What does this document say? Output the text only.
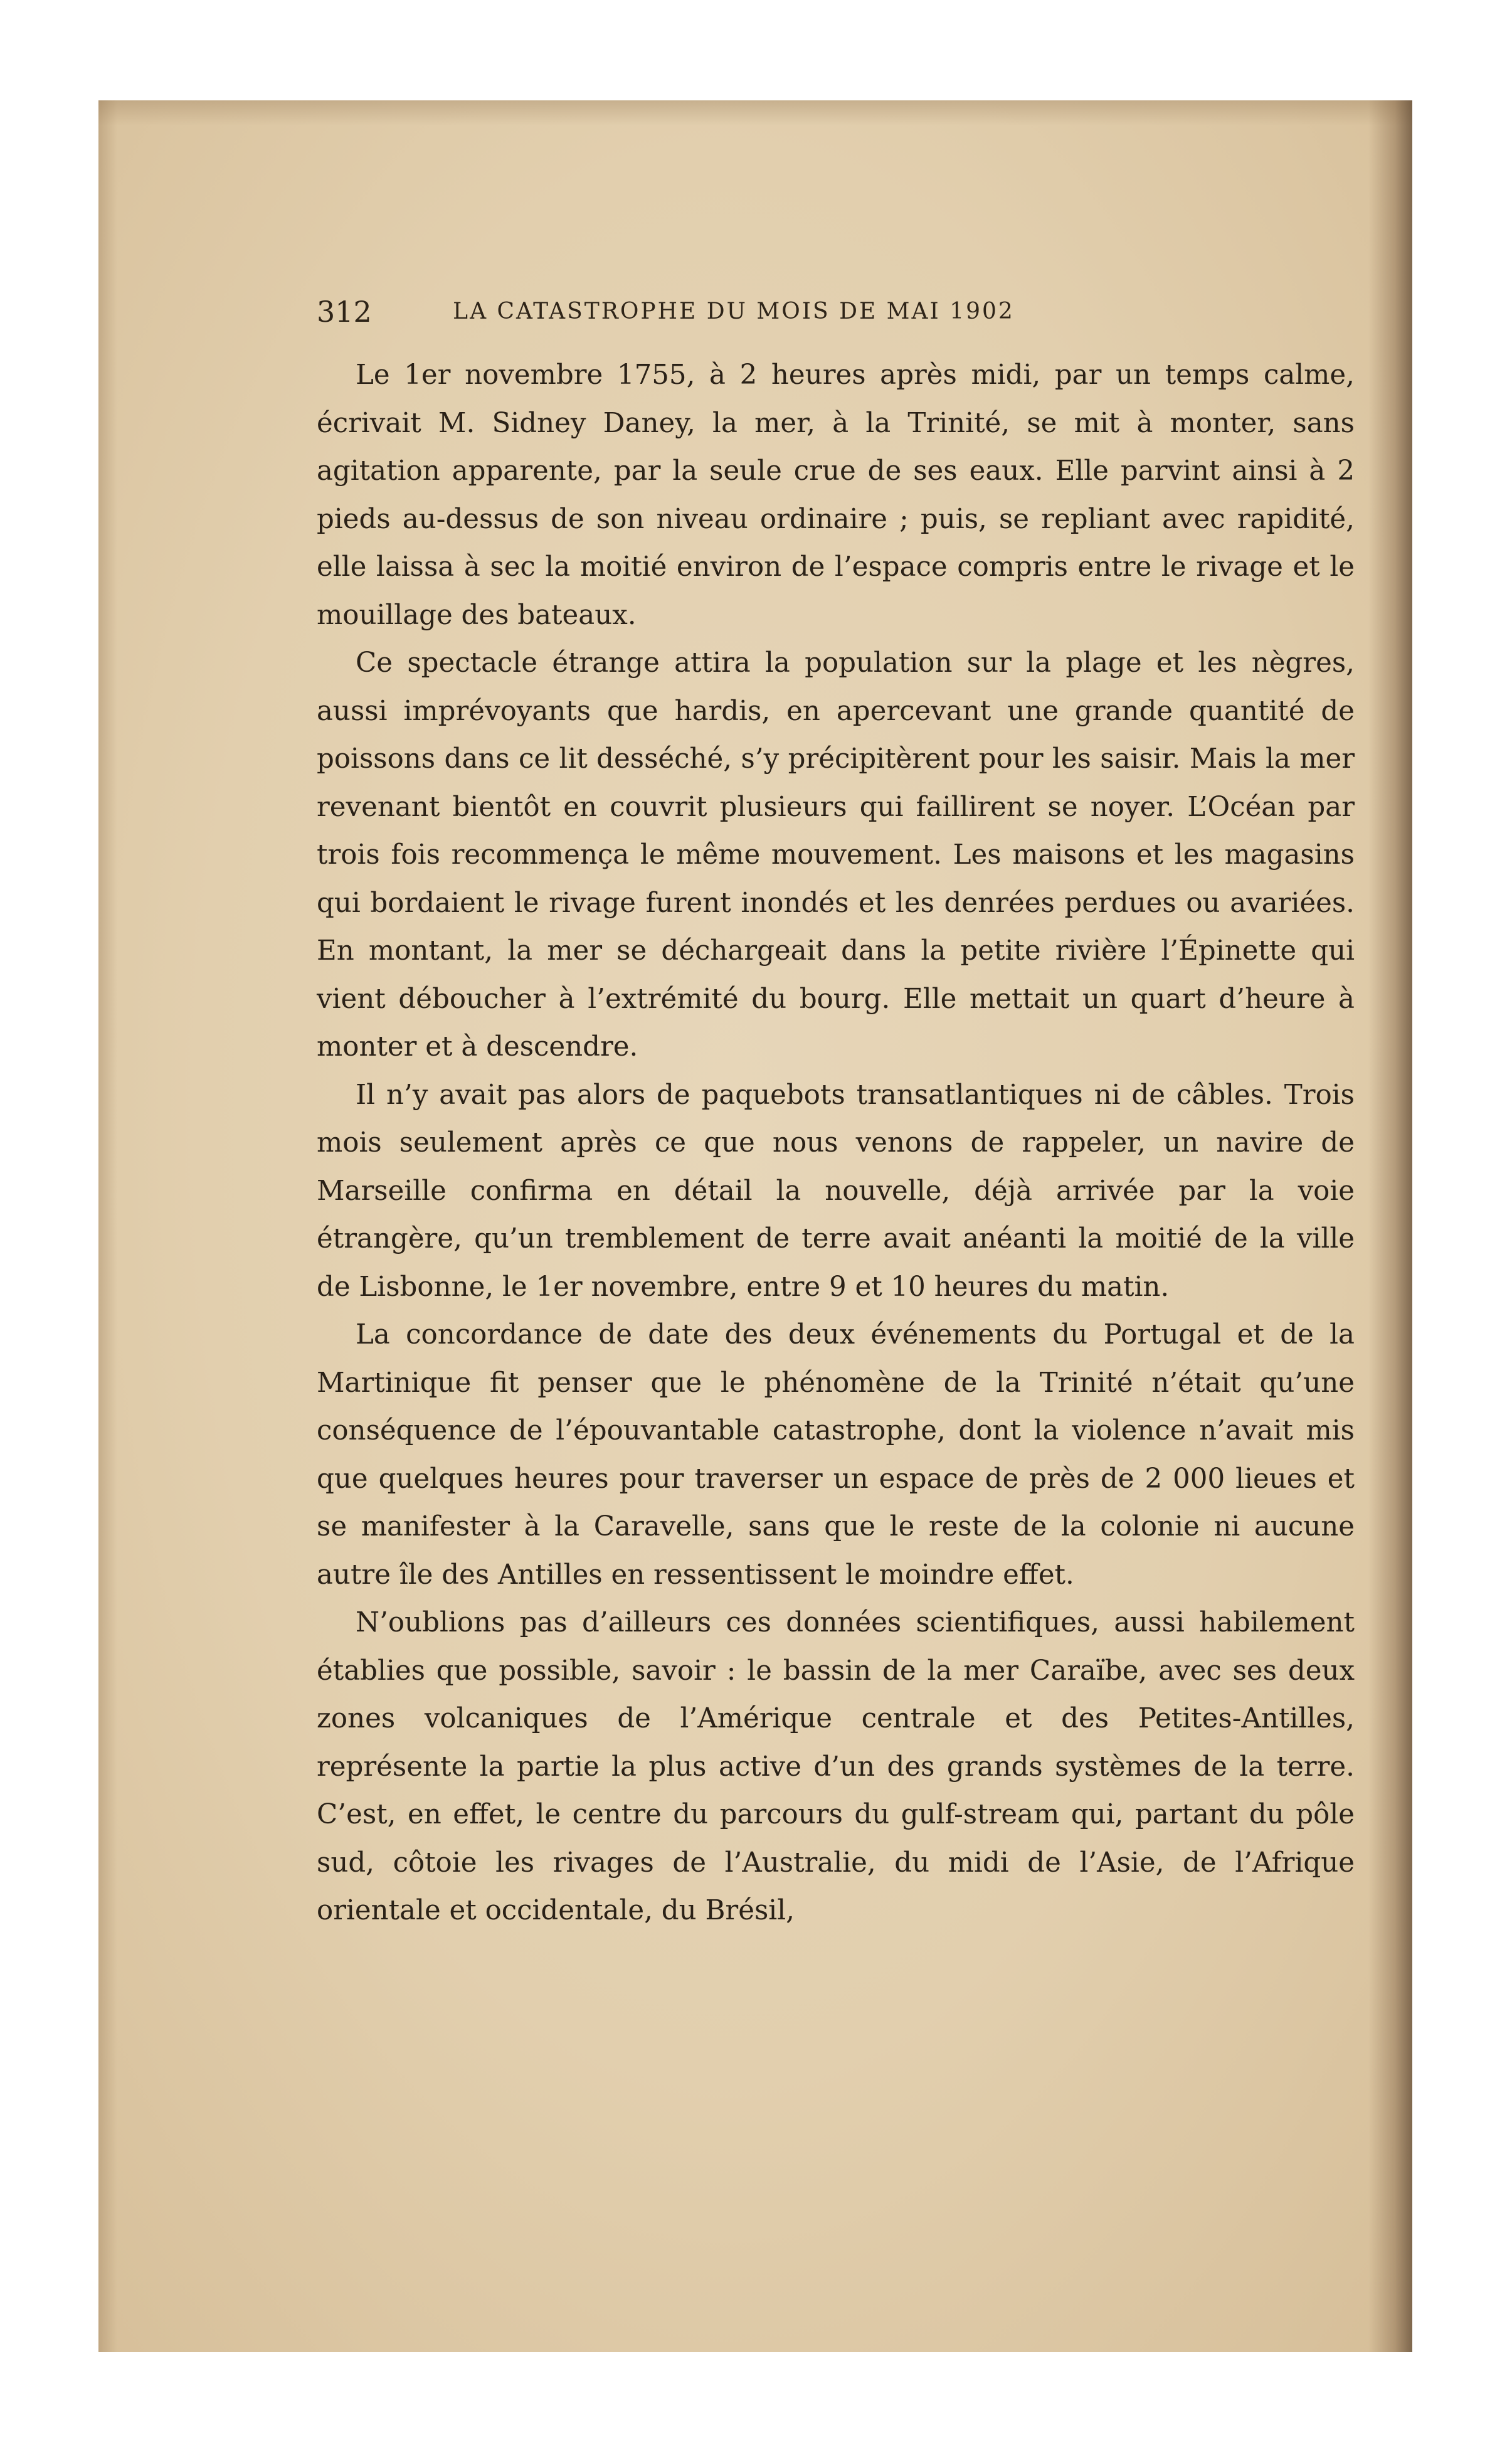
312	LA CATASTROPHE DU MOIS DE MAI 1902

Le 1er novembre 1755, à 2 heures après midi, par un temps calme, écrivait M. Sidney Daney, la mer, à la Trinité, se mit à monter, sans agitation apparente, par la seule crue de ses eaux. Elle parvint ainsi à 2 pieds au-dessus de son niveau ordinaire ; puis, se repliant avec rapidité, elle laissa à sec la moitié environ de l’espace compris entre le rivage et le mouillage des bateaux.

Ce spectacle étrange attira la population sur la plage et les nègres, aussi imprévoyants que hardis, en apercevant une grande quantité de poissons dans ce lit desséché, s’y précipitèrent pour les saisir. Mais la mer revenant bientôt en couvrit plusieurs qui faillirent se noyer. L’Océan par trois fois recommença le même mouvement. Les maisons et les magasins qui bordaient le rivage furent inondés et les denrées perdues ou avariées. En montant, la mer se déchargeait dans la petite rivière l’Épinette qui vient déboucher à l’extrémité du bourg. Elle mettait un quart d’heure à monter et à descendre.

Il n’y avait pas alors de paquebots transatlantiques ni de câbles. Trois mois seulement après ce que nous venons de rappeler, un navire de Marseille confirma en détail la nouvelle, déjà arrivée par la voie étrangère, qu’un tremblement de terre avait anéanti la moitié de la ville de Lisbonne, le 1er novembre, entre 9 et 10 heures du matin.

La concordance de date des deux événements du Portugal et de la Martinique fit penser que le phénomène de la Trinité n’était qu’une conséquence de l’épouvantable catastrophe, dont la violence n’avait mis que quelques heures pour traverser un espace de près de 2 000 lieues et se manifester à la Caravelle, sans que le reste de la colonie ni aucune autre île des Antilles en ressentissent le moindre effet.

N’oublions pas d’ailleurs ces données scientifiques, aussi habilement établies que possible, savoir : le bassin de la mer Caraïbe, avec ses deux zones volcaniques de l’Amérique centrale et des Petites-Antilles, représente la partie la plus active d’un des grands systèmes de la terre. C’est, en effet, le centre du parcours du gulf-stream qui, partant du pôle sud, côtoie les rivages de l’Australie, du midi de l’Asie, de l’Afrique orientale et occidentale, du Brésil,
